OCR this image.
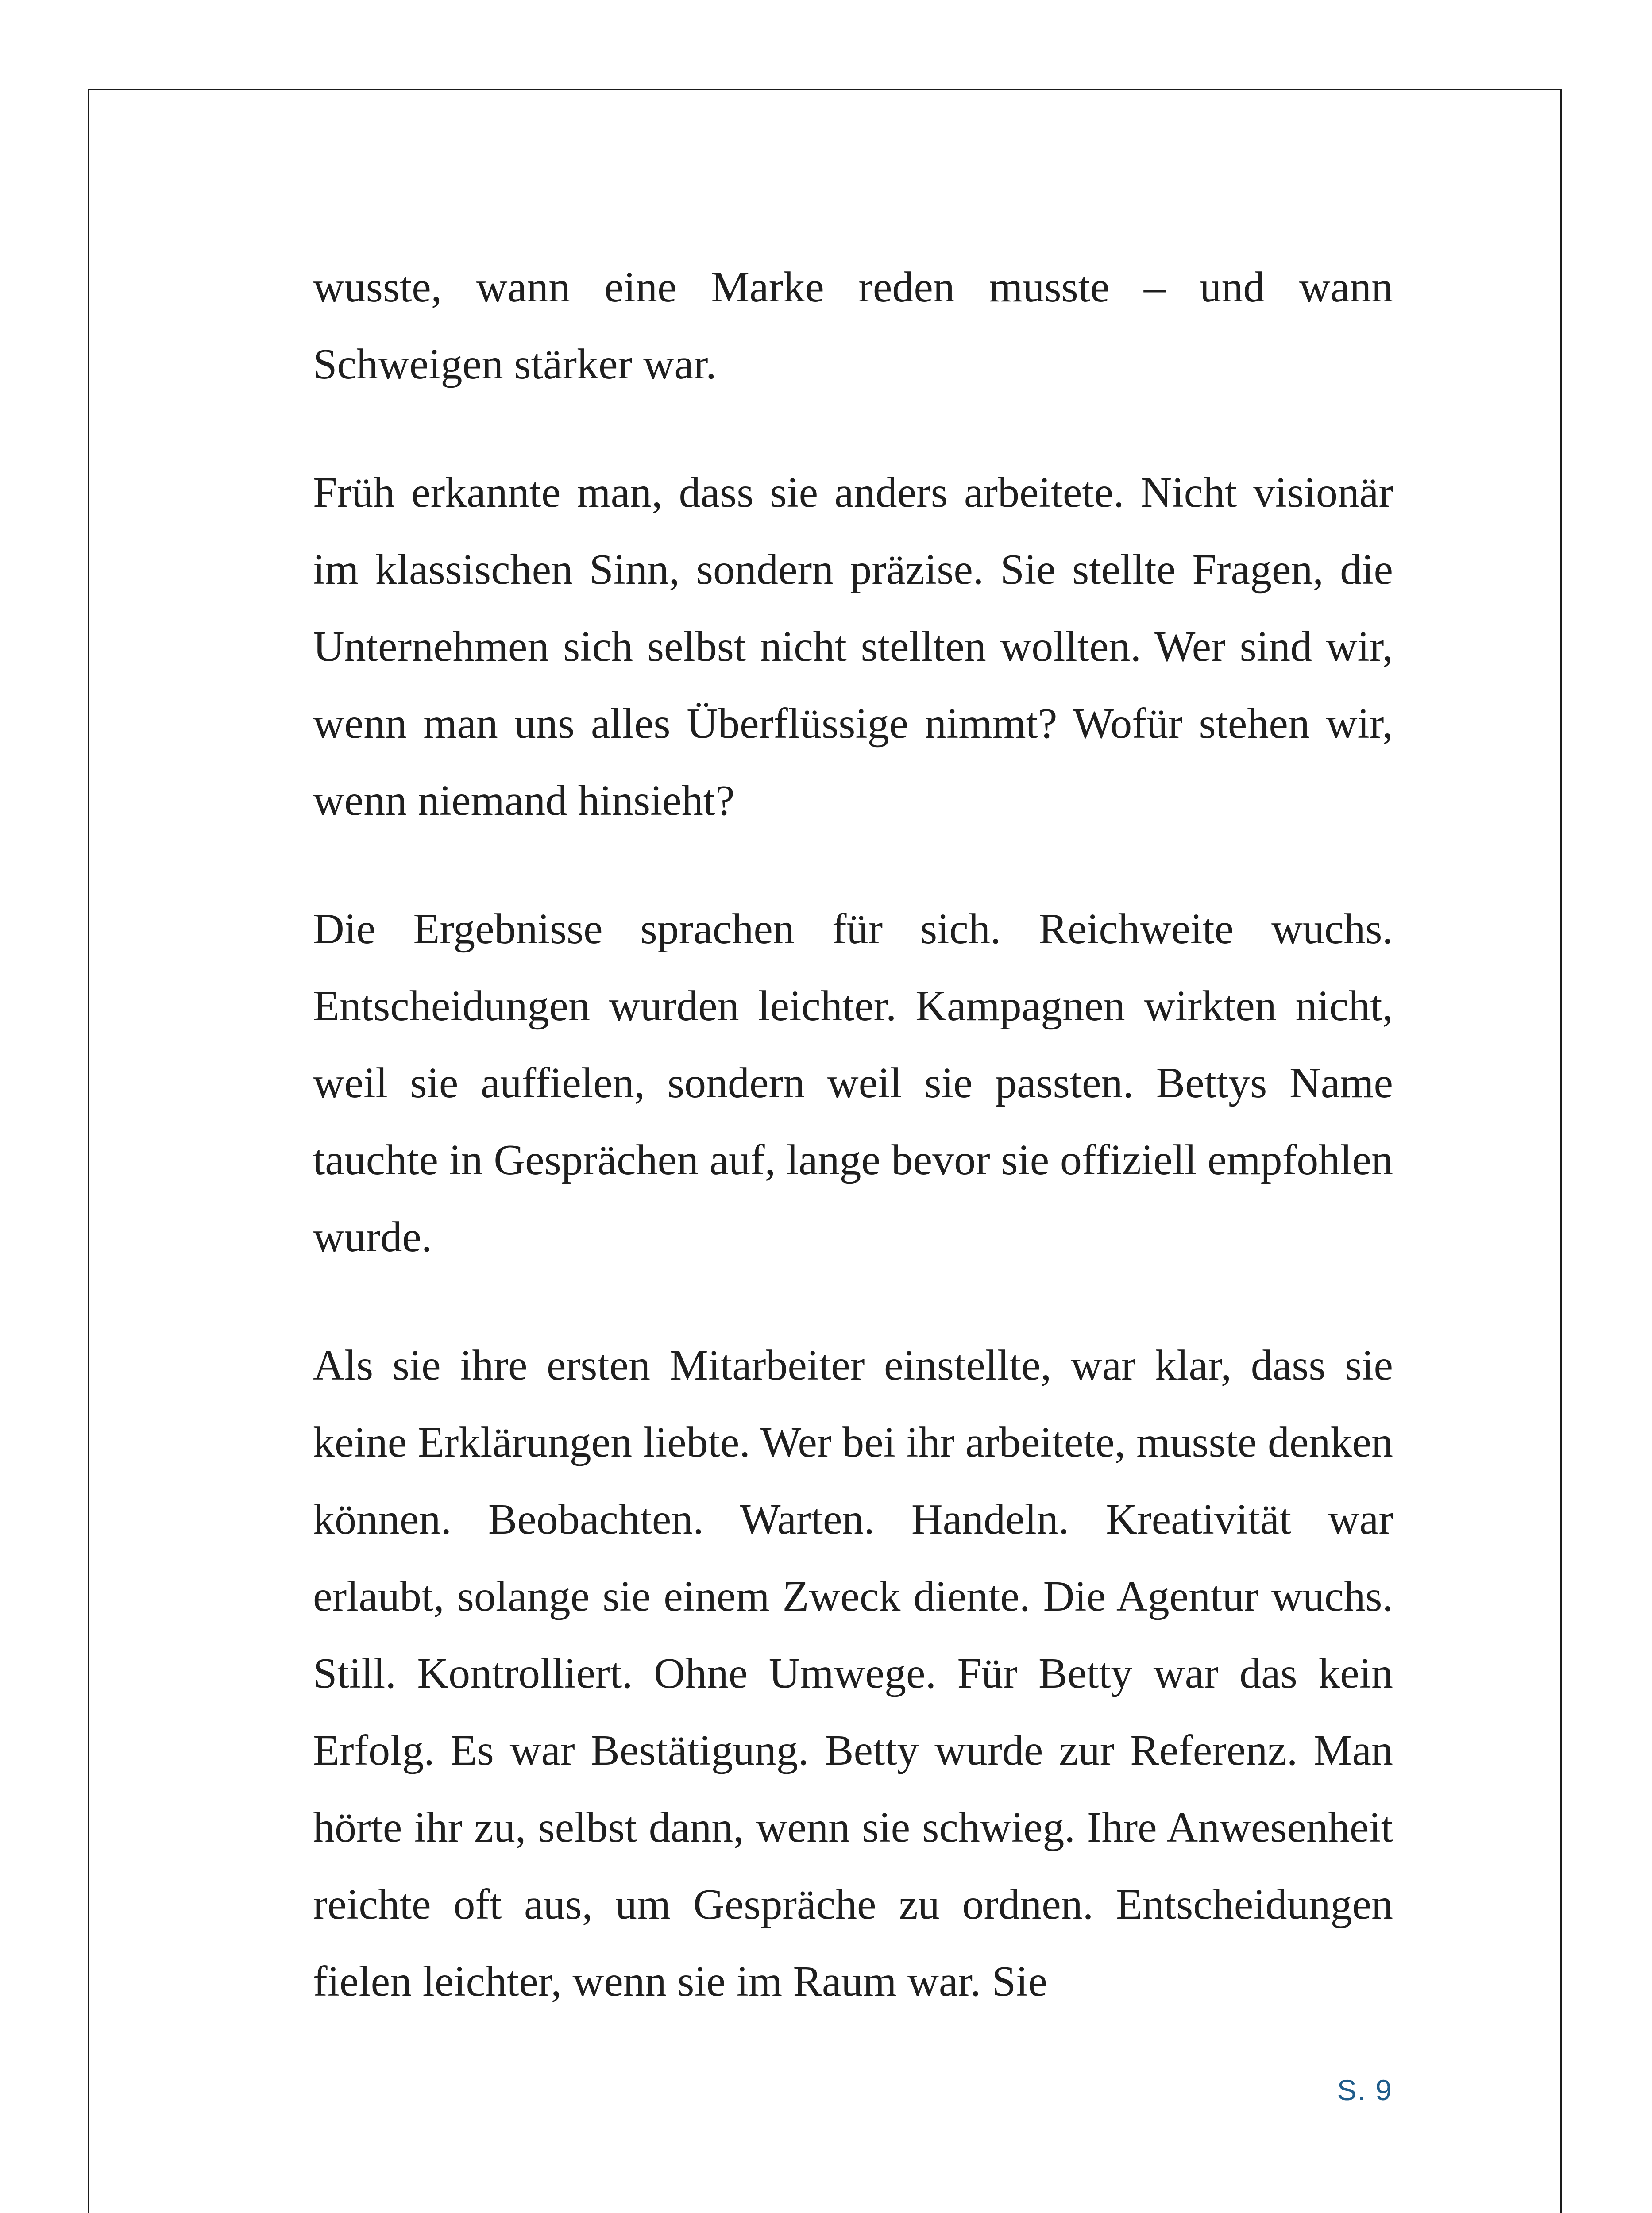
wusste, wann eine Marke reden musste – und wann Schweigen stärker war.

Früh erkannte man, dass sie anders arbeitete. Nicht visionär im klassischen Sinn, sondern präzise. Sie stellte Fragen, die Unternehmen sich selbst nicht stellten wollten. Wer sind wir, wenn man uns alles Überflüssige nimmt? Wofür stehen wir, wenn niemand hinsieht?

Die Ergebnisse sprachen für sich. Reichweite wuchs. Entscheidungen wurden leichter. Kampagnen wirkten nicht, weil sie auffielen, sondern weil sie passten. Bettys Name tauchte in Gesprächen auf, lange bevor sie offiziell empfohlen wurde.

Als sie ihre ersten Mitarbeiter einstellte, war klar, dass sie keine Erklärungen liebte. Wer bei ihr arbeitete, musste denken können. Beobachten. Warten. Handeln. Kreativität war erlaubt, solange sie einem Zweck diente. Die Agentur wuchs. Still. Kontrolliert. Ohne Umwege. Für Betty war das kein Erfolg. Es war Bestätigung. Betty wurde zur Referenz. Man hörte ihr zu, selbst dann, wenn sie schwieg. Ihre Anwesenheit reichte oft aus, um Gespräche zu ordnen. Entscheidungen fielen leichter, wenn sie im Raum war. Sie

S. 9
